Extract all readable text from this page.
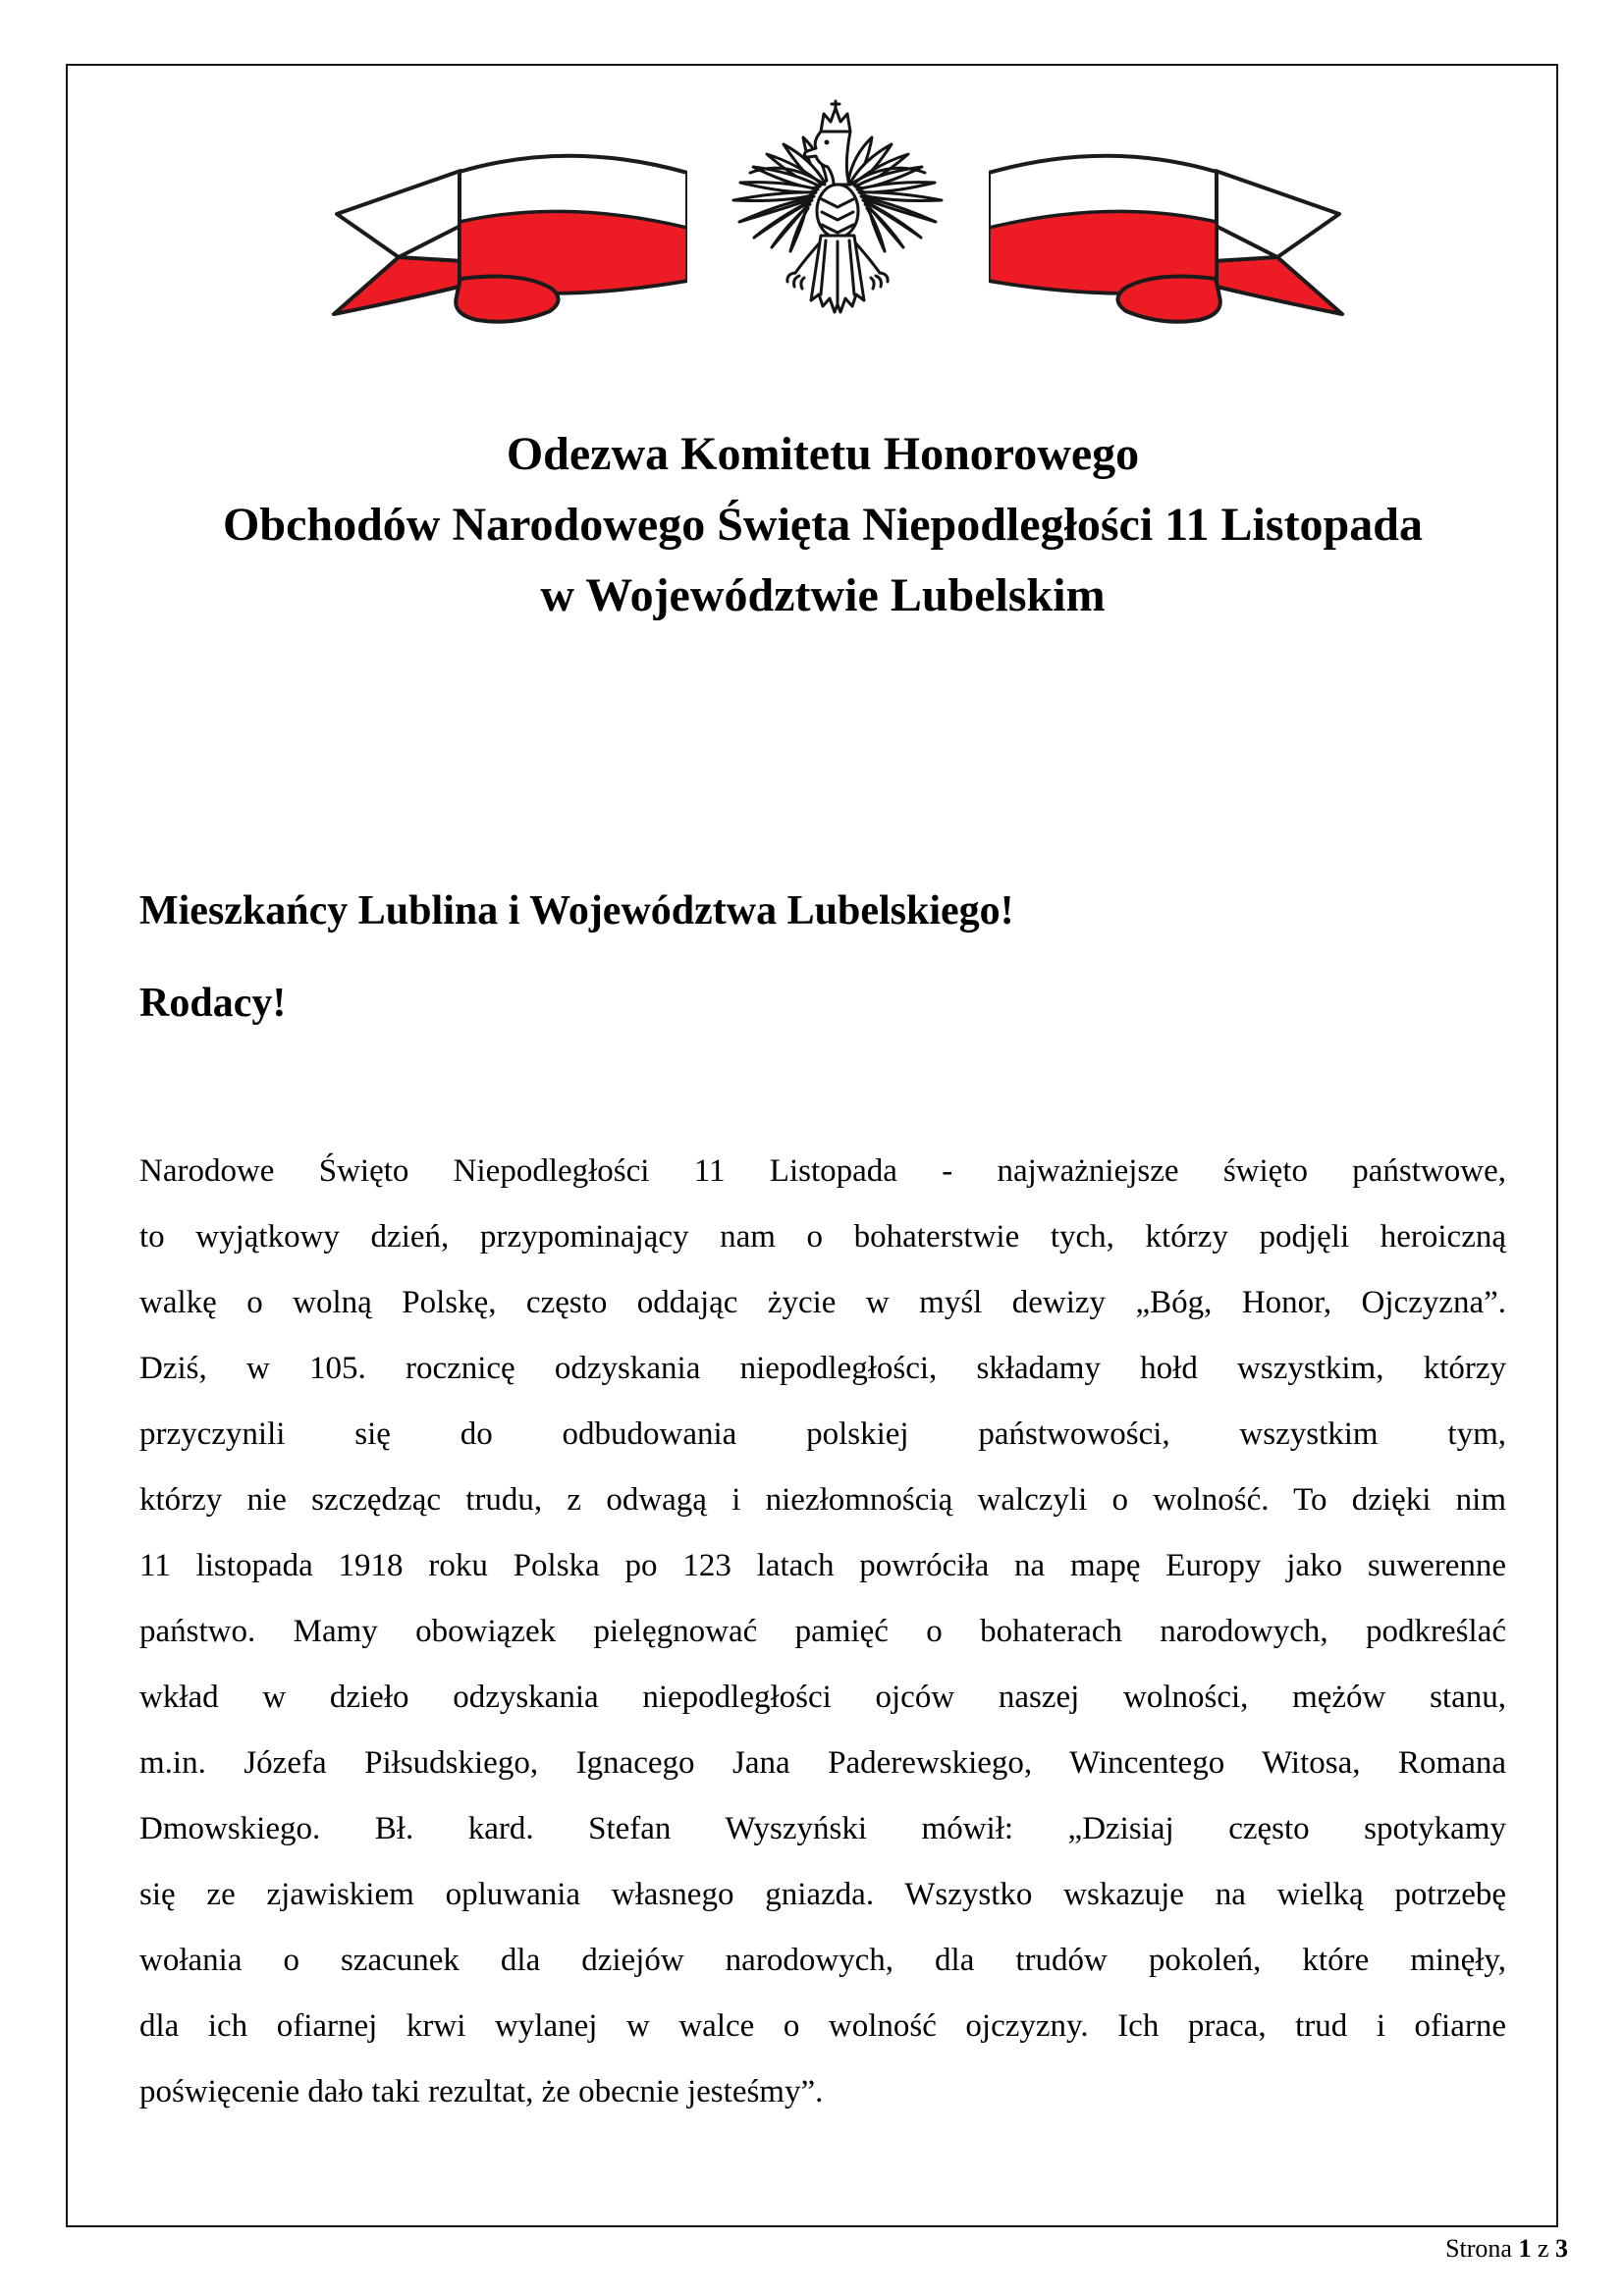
Odezwa Komitetu Honorowego
Obchodów Narodowego Święta Niepodległości 11 Listopada
w Województwie Lubelskim
Mieszkańcy Lublina i Województwa Lubelskiego!
Rodacy!
Narodowe Święto Niepodległości 11 Listopada - najważniejsze święto państwowe,
to wyjątkowy dzień, przypominający nam o bohaterstwie tych, którzy podjęli heroiczną
walkę o wolną Polskę, często oddając życie w myśl dewizy „Bóg, Honor, Ojczyzna”.
Dziś, w 105. rocznicę odzyskania niepodległości, składamy hołd wszystkim, którzy
przyczynili się do odbudowania polskiej państwowości, wszystkim tym,
którzy nie szczędząc trudu, z odwagą i niezłomnością walczyli o wolność. To dzięki nim
11 listopada 1918 roku Polska po 123 latach powróciła na mapę Europy jako suwerenne
państwo. Mamy obowiązek pielęgnować pamięć o bohaterach narodowych, podkreślać
wkład w dzieło odzyskania niepodległości ojców naszej wolności, mężów stanu,
m.in. Józefa Piłsudskiego, Ignacego Jana Paderewskiego, Wincentego Witosa, Romana
Dmowskiego. Bł. kard. Stefan Wyszyński mówił: „Dzisiaj często spotykamy
się ze zjawiskiem opluwania własnego gniazda. Wszystko wskazuje na wielką potrzebę
wołania o szacunek dla dziejów narodowych, dla trudów pokoleń, które minęły,
dla ich ofiarnej krwi wylanej w walce o wolność ojczyzny. Ich praca, trud i ofiarne
poświęcenie dało taki rezultat, że obecnie jesteśmy”.
Strona 1 z 3
